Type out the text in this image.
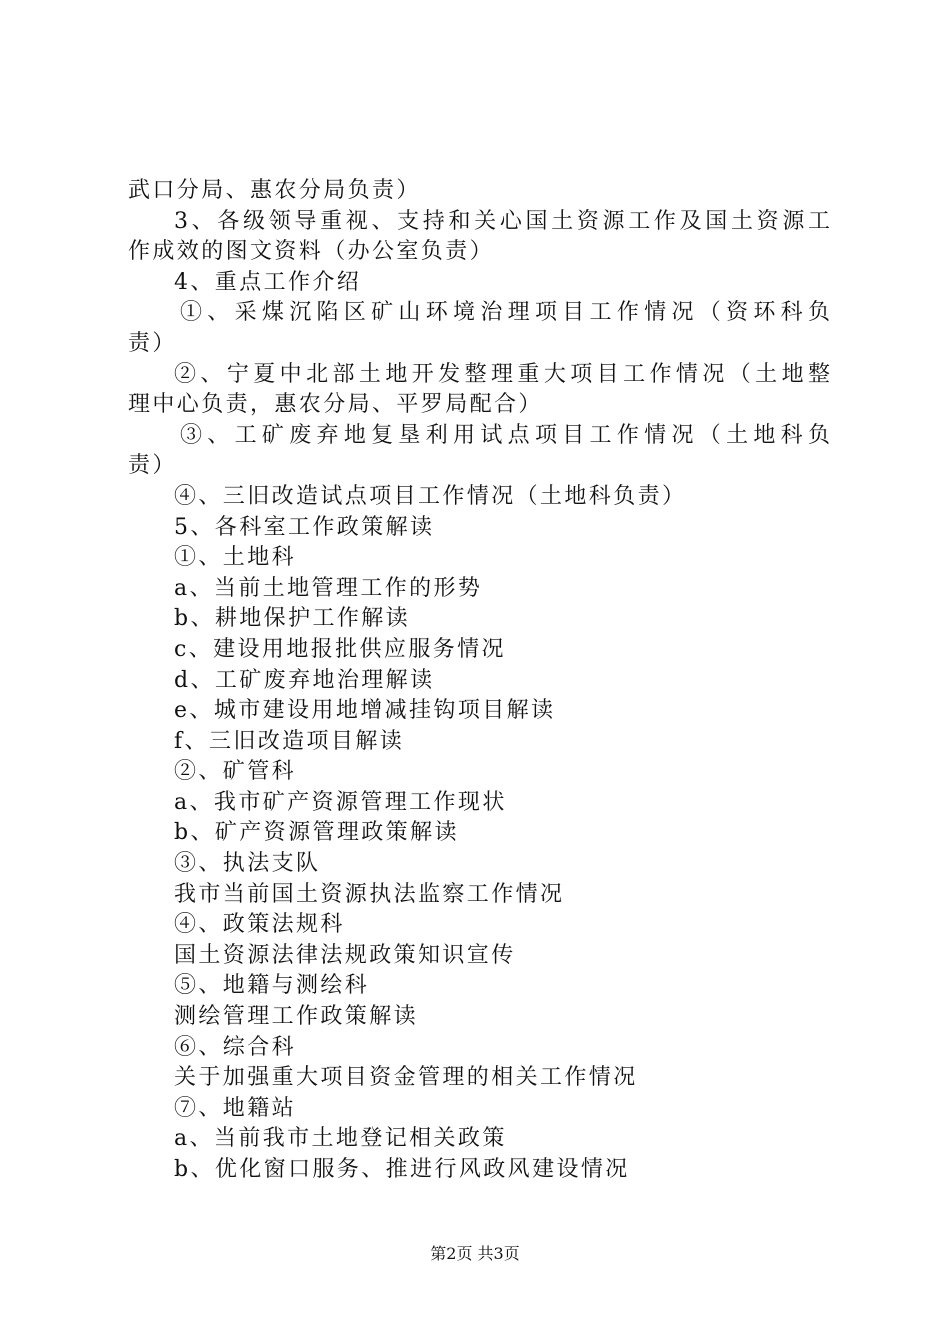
武口分局、惠农分局负责）
3、各级领导重视、支持和关心国土资源工作及国土资源工
作成效的图文资料（办公室负责）
4、重点工作介绍
①、采煤沉陷区矿山环境治理项目工作情况（资环科负
责）
②、宁夏中北部土地开发整理重大项目工作情况（土地整
理中心负责，惠农分局、平罗局配合）
③、工矿废弃地复垦利用试点项目工作情况（土地科负
责）
④、三旧改造试点项目工作情况（土地科负责）
5、各科室工作政策解读
①、土地科
a、当前土地管理工作的形势
b、耕地保护工作解读
c、建设用地报批供应服务情况
d、工矿废弃地治理解读
e、城市建设用地增减挂钩项目解读
f、三旧改造项目解读
②、矿管科
a、我市矿产资源管理工作现状
b、矿产资源管理政策解读
③、执法支队
我市当前国土资源执法监察工作情况
④、政策法规科
国土资源法律法规政策知识宣传
⑤、地籍与测绘科
测绘管理工作政策解读
⑥、综合科
关于加强重大项目资金管理的相关工作情况
⑦、地籍站
a、当前我市土地登记相关政策
b、优化窗口服务、推进行风政风建设情况
第2页 共3页
